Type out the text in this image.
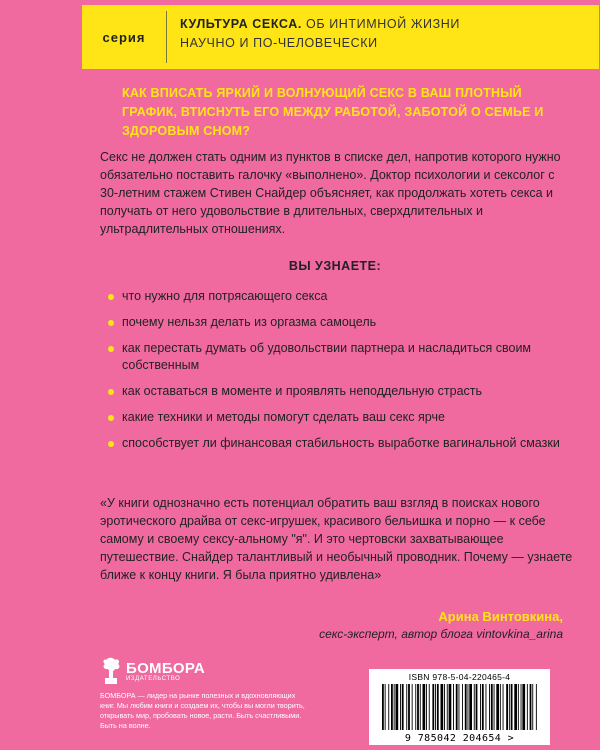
серия
КУЛЬТУРА СЕКСА. ОБ ИНТИМНОЙ ЖИЗНИ
НАУЧНО И ПО-ЧЕЛОВЕЧЕСКИ
КАК ВПИСАТЬ ЯРКИЙ И ВОЛНУЮЩИЙ СЕКС В ВАШ ПЛОТНЫЙ ГРАФИК, ВТИСНУТЬ ЕГО МЕЖДУ РАБОТОЙ, ЗАБОТОЙ О СЕМЬЕ И ЗДОРОВЫМ СНОМ?
Секс не должен стать одним из пунктов в списке дел, напротив которого нужно обязательно поставить галочку «выполнено». Доктор психологии и сексолог с 30-летним стажем Стивен Снайдер объясняет, как продолжать хотеть секса и получать от него удовольствие в длительных, сверхдлительных и ультрадлительных отношениях.
ВЫ УЗНАЕТЕ:
что нужно для потрясающего секса
почему нельзя делать из оргазма самоцель
как перестать думать об удовольствии партнера и насладиться своим собственным
как оставаться в моменте и проявлять неподдельную страсть
какие техники и методы помогут сделать ваш секс ярче
способствует ли финансовая стабильность выработке вагинальной смазки
«У книги однозначно есть потенциал обратить ваш взгляд в поисках нового эротического драйва от секс-игрушек, красивого бельишка и порно — к себе самому и своему сексу-альному "я". И это чертовски захватывающее путешествие. Снайдер талантливый и необычный проводник. Почему — узнаете ближе к концу книги. Я была приятно удивлена»
Арина Винтовкина,
секс-эксперт, автор блога vintovkina_arina
БОМБОРА
ИЗДАТЕЛЬСТВО
БОМБОРА — лидер на рынке полезных и вдохновляющих книг. Мы любим книги и создаем их, чтобы вы могли творить, открывать мир, пробовать новое, расти. Быть счастливыми. Быть на волне.
ISBN 978-5-04-220465-4
9 785042 204654 >
